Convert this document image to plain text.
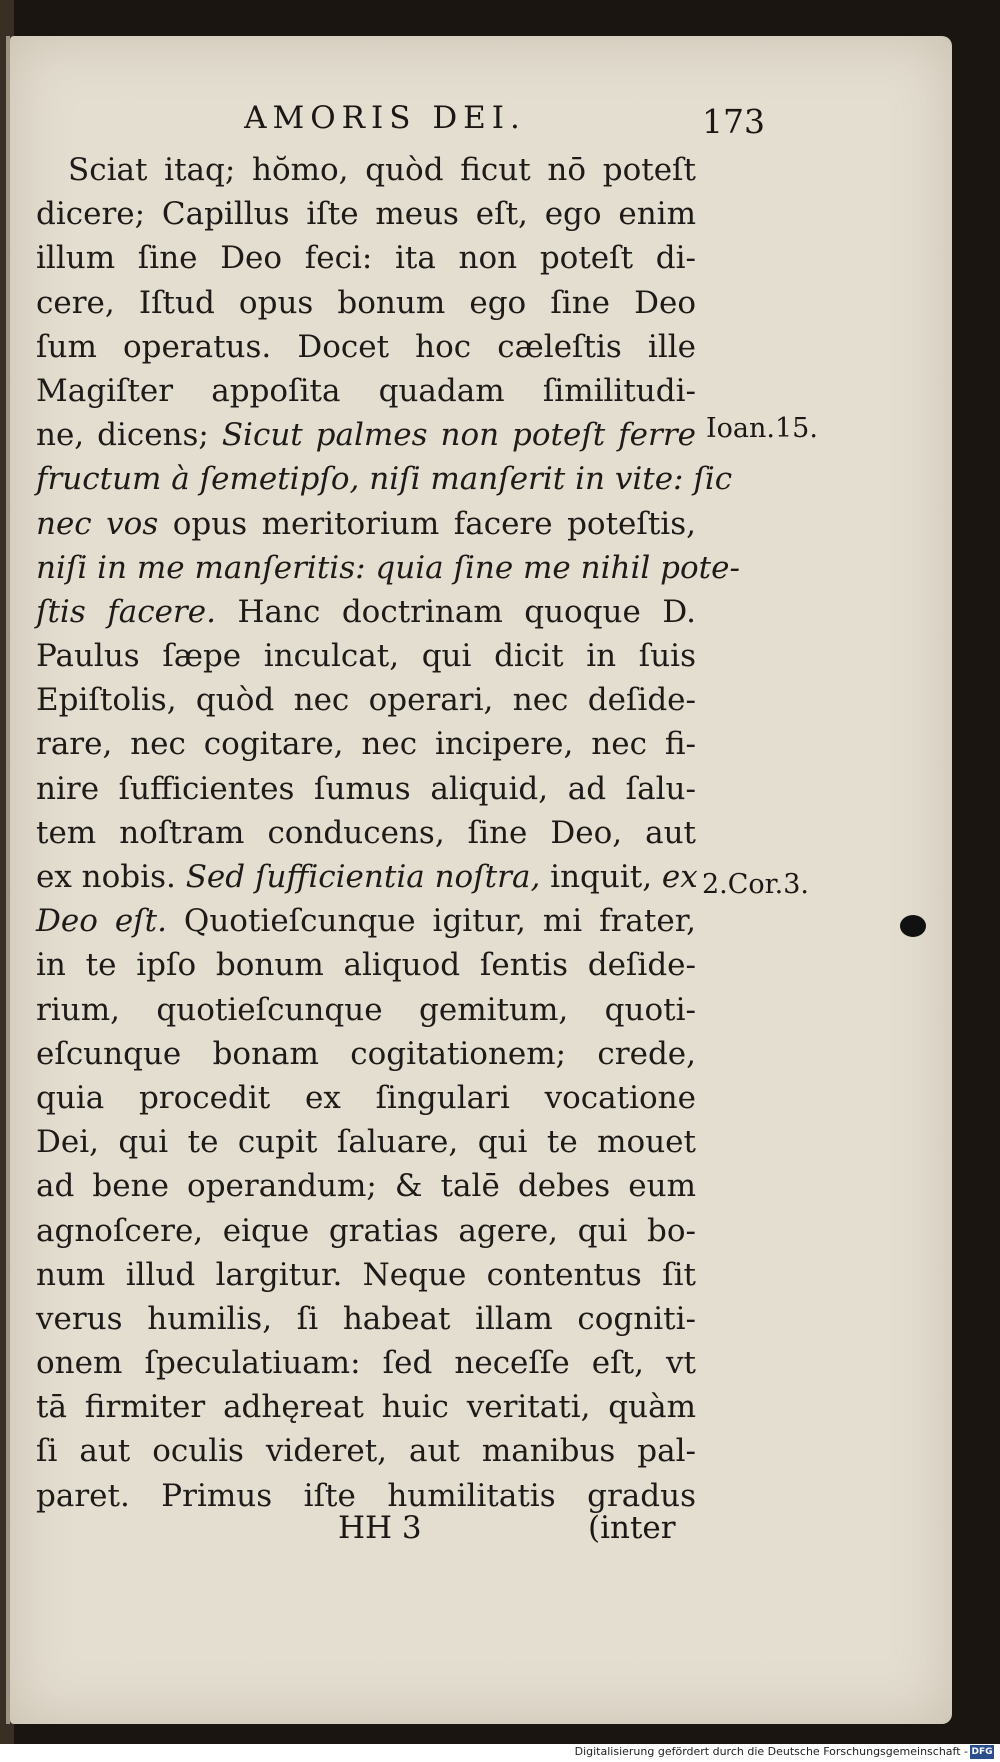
AMORIS DEI.	173
Sciat itaq; hŏmo, quòd ficut nō poteſt
dicere; Capillus iſte meus eſt, ego enim
illum ſine Deo feci: ita non poteſt di-
cere, Iſtud opus bonum ego ſine Deo
ſum operatus. Docet hoc cæleſtis ille
Magiſter appoſita quadam ſimilitudi-
ne, dicens; Sicut palmes non poteſt ferre
fructum à ſemetipſo, niſi manſerit in vite: ſic
nec vos opus meritorium facere poteſtis,
niſi in me manſeritis: quia ſine me nihil pote-
ſtis facere. Hanc doctrinam quoque D.
Paulus ſæpe inculcat, qui dicit in ſuis
Epiſtolis, quòd nec operari, nec deſide-
rare, nec cogitare, nec incipere, nec fi-
nire ſufficientes ſumus aliquid, ad ſalu-
tem noſtram conducens, ſine Deo, aut
ex nobis. Sed ſufficientia noſtra, inquit, ex
Deo eſt. Quotieſcunque igitur, mi frater,
in te ipſo bonum aliquod ſentis deſide-
rium, quotieſcunque gemitum, quoti-
eſcunque bonam cogitationem; crede,
quia procedit ex ſingulari vocatione
Dei, qui te cupit ſaluare, qui te mouet
ad bene operandum; & talē debes eum
agnoſcere, eique gratias agere, qui bo-
num illud largitur. Neque contentus ſit
verus humilis, ſi habeat illam cogniti-
onem ſpeculatiuam: ſed neceſſe eſt, vt
tā firmiter adhęreat huic veritati, quàm
ſi aut oculis videret, aut manibus pal-
paret. Primus iſte humilitatis gradus
Ioan.15.
2.Cor.3.
HH 3	(inter
Digitalisierung gefördert durch die Deutsche Forschungsgemeinschaft - DFG
